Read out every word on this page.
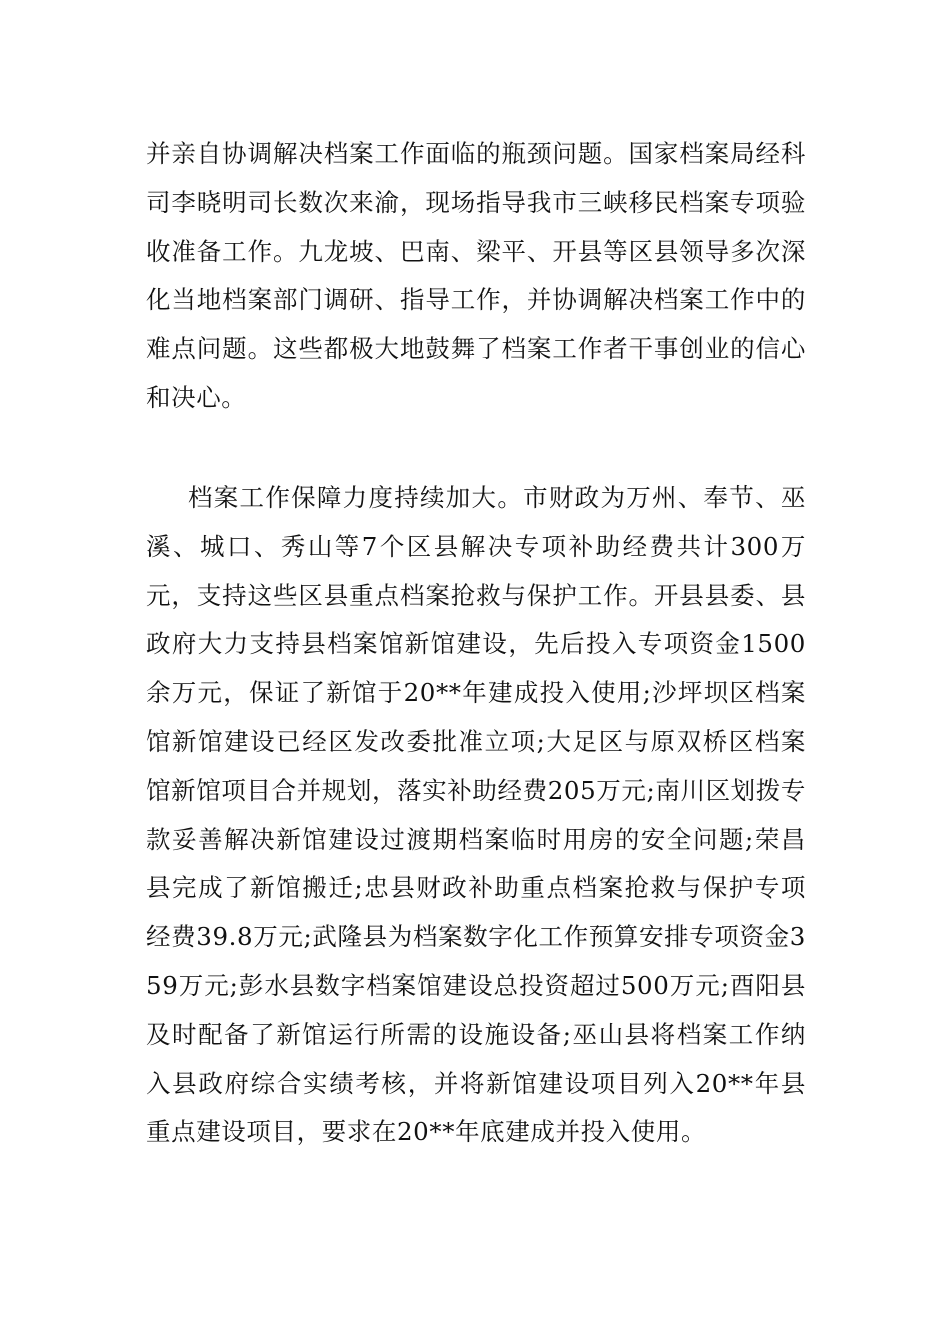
并亲自协调解决档案工作面临的瓶颈问题。国家档案局经科司李晓明司长数次来渝，现场指导我市三峡移民档案专项验收准备工作。九龙坡、巴南、梁平、开县等区县领导多次深化当地档案部门调研、指导工作，并协调解决档案工作中的难点问题。这些都极大地鼓舞了档案工作者干事创业的信心和决心。

档案工作保障力度持续加大。市财政为万州、奉节、巫溪、城口、秀山等7个区县解决专项补助经费共计300万元，支持这些区县重点档案抢救与保护工作。开县县委、县政府大力支持县档案馆新馆建设，先后投入专项资金1500余万元，保证了新馆于20**年建成投入使用;沙坪坝区档案馆新馆建设已经区发改委批准立项;大足区与原双桥区档案馆新馆项目合并规划，落实补助经费205万元;南川区划拨专款妥善解决新馆建设过渡期档案临时用房的安全问题;荣昌县完成了新馆搬迁;忠县财政补助重点档案抢救与保护专项经费39.8万元;武隆县为档案数字化工作预算安排专项资金359万元;彭水县数字档案馆建设总投资超过500万元;酉阳县及时配备了新馆运行所需的设施设备;巫山县将档案工作纳入县政府综合实绩考核，并将新馆建设项目列入20**年县重点建设项目，要求在20**年底建成并投入使用。
